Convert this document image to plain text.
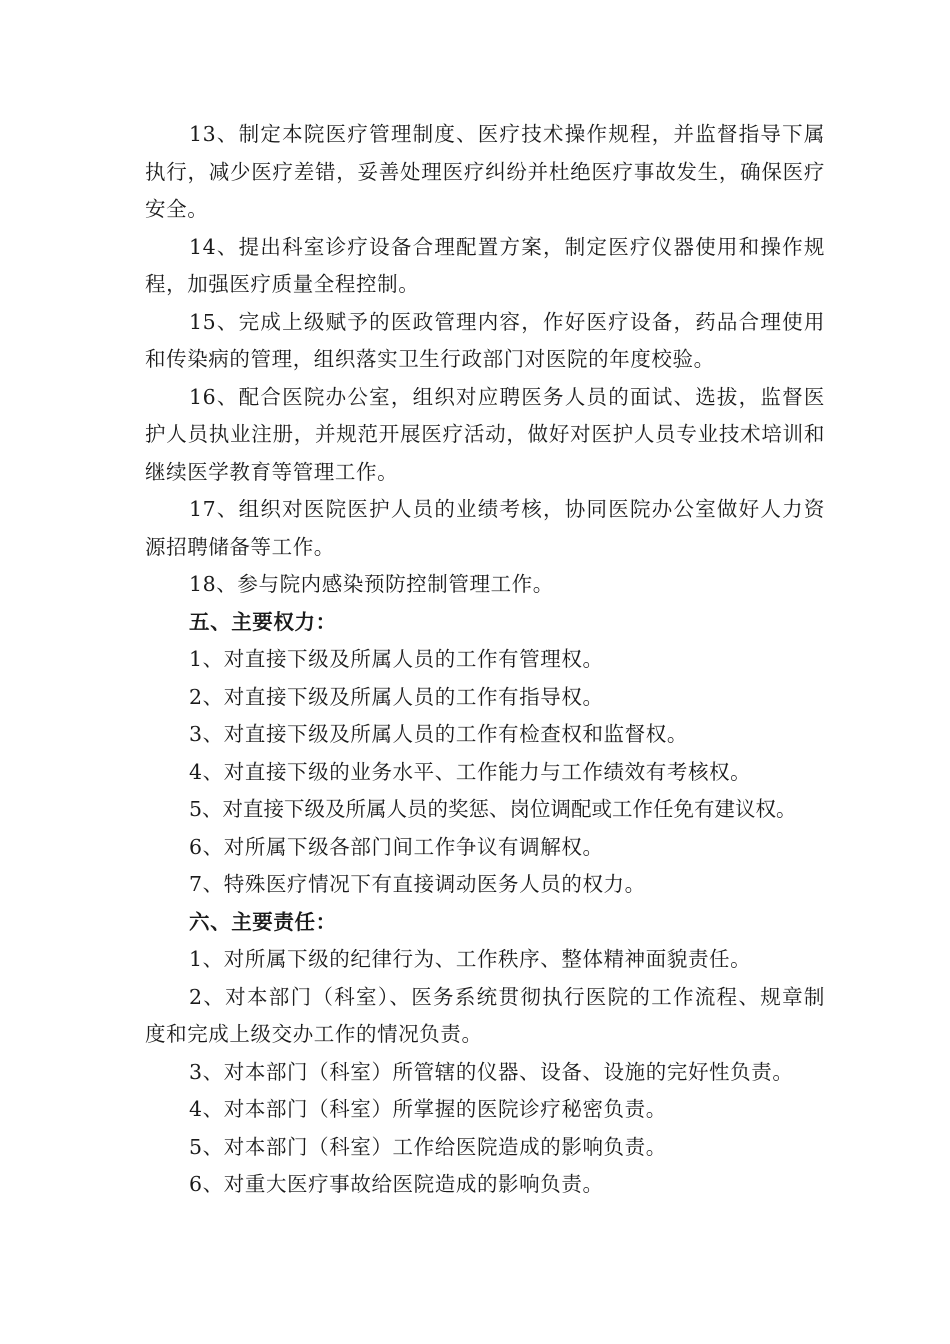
13、制定本院医疗管理制度、医疗技术操作规程，并监督指导下属执行，减少医疗差错，妥善处理医疗纠纷并杜绝医疗事故发生，确保医疗安全。

14、提出科室诊疗设备合理配置方案，制定医疗仪器使用和操作规程，加强医疗质量全程控制。

15、完成上级赋予的医政管理内容，作好医疗设备，药品合理使用和传染病的管理，组织落实卫生行政部门对医院的年度校验。

16、配合医院办公室，组织对应聘医务人员的面试、选拔，监督医护人员执业注册，并规范开展医疗活动，做好对医护人员专业技术培训和继续医学教育等管理工作。

17、组织对医院医护人员的业绩考核，协同医院办公室做好人力资源招聘储备等工作。

18、参与院内感染预防控制管理工作。

五、主要权力：

1、对直接下级及所属人员的工作有管理权。

2、对直接下级及所属人员的工作有指导权。

3、对直接下级及所属人员的工作有检查权和监督权。

4、对直接下级的业务水平、工作能力与工作绩效有考核权。

5、对直接下级及所属人员的奖惩、岗位调配或工作任免有建议权。

6、对所属下级各部门间工作争议有调解权。

7、特殊医疗情况下有直接调动医务人员的权力。

六、主要责任：

1、对所属下级的纪律行为、工作秩序、整体精神面貌责任。

2、对本部门（科室）、医务系统贯彻执行医院的工作流程、规章制度和完成上级交办工作的情况负责。

3、对本部门（科室）所管辖的仪器、设备、设施的完好性负责。

4、对本部门（科室）所掌握的医院诊疗秘密负责。

5、对本部门（科室）工作给医院造成的影响负责。

6、对重大医疗事故给医院造成的影响负责。
